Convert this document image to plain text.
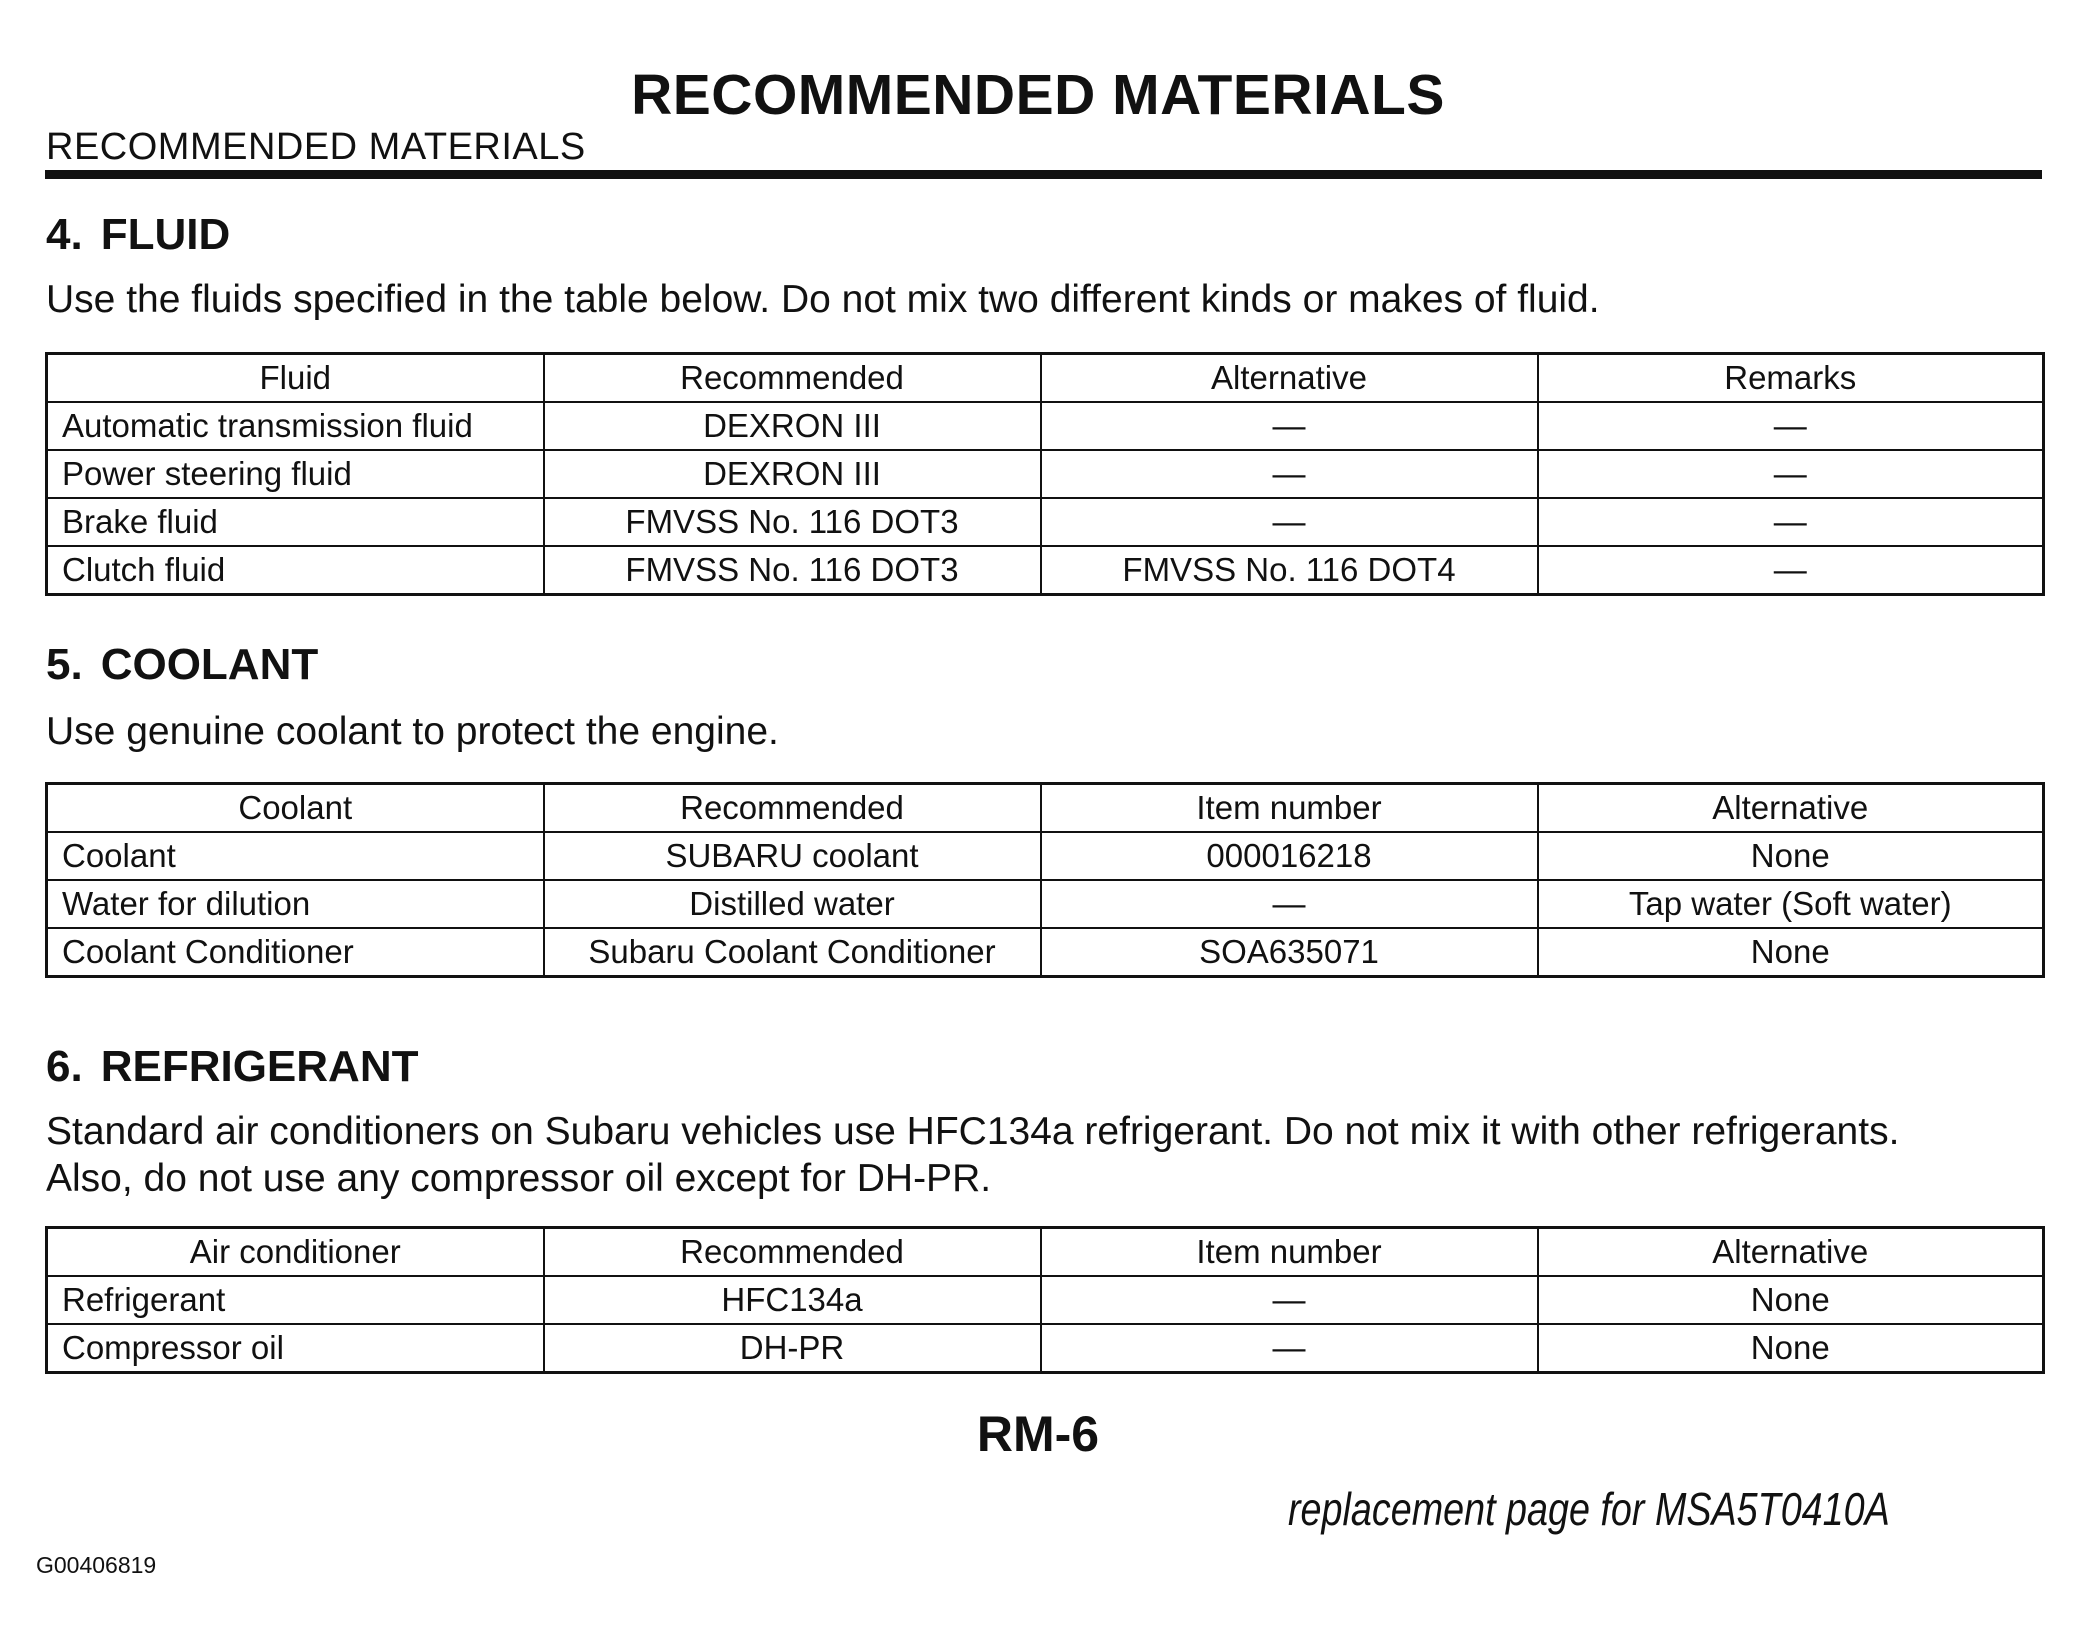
RECOMMENDED MATERIALS
RECOMMENDED MATERIALS
4. FLUID
Use the fluids specified in the table below. Do not mix two different kinds or makes of fluid.
Fluid	Recommended	Alternative	Remarks
Automatic transmission fluid	DEXRON III	—	—
Power steering fluid	DEXRON III	—	—
Brake fluid	FMVSS No. 116 DOT3	—	—
Clutch fluid	FMVSS No. 116 DOT3	FMVSS No. 116 DOT4	—
5. COOLANT
Use genuine coolant to protect the engine.
Coolant	Recommended	Item number	Alternative
Coolant	SUBARU coolant	000016218	None
Water for dilution	Distilled water	—	Tap water (Soft water)
Coolant Conditioner	Subaru Coolant Conditioner	SOA635071	None
6. REFRIGERANT
Standard air conditioners on Subaru vehicles use HFC134a refrigerant. Do not mix it with other refrigerants.
Also, do not use any compressor oil except for DH-PR.
Air conditioner	Recommended	Item number	Alternative
Refrigerant	HFC134a	—	None
Compressor oil	DH-PR	—	None
RM-6
replacement page for MSA5T0410A
G00406819
